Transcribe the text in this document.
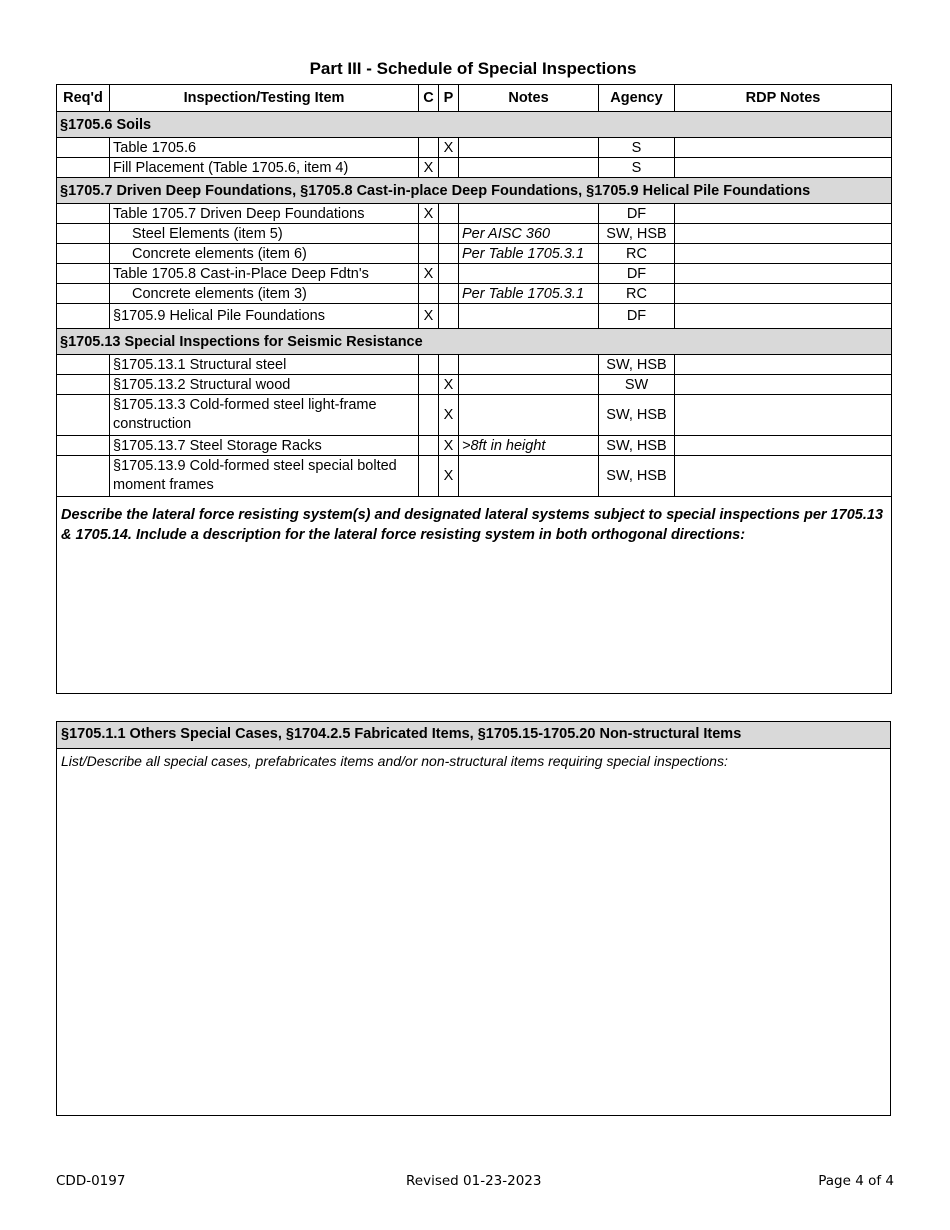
Part III - Schedule of Special Inspections
Req'd	Inspection/Testing Item	C	P	Notes	Agency	RDP Notes
§1705.6 Soils						
	Table 1705.6		X		S	
	Fill Placement (Table 1705.6, item 4)	X			S	
§1705.7 Driven Deep Foundations, §1705.8 Cast-in-place Deep Foundations, §1705.9 Helical Pile Foundations						
	Table 1705.7 Driven Deep Foundations	X			DF	
	Steel Elements (item 5)			Per AISC 360	SW, HSB	
	Concrete elements (item 6)			Per Table 1705.3.1	RC	
	Table 1705.8 Cast-in-Place Deep Fdtn's	X			DF	
	Concrete elements (item 3)			Per Table 1705.3.1	RC	
	§1705.9 Helical Pile Foundations	X			DF	
§1705.13 Special Inspections for Seismic Resistance						
	§1705.13.1 Structural steel				SW, HSB	
	§1705.13.2 Structural wood		X		SW	
	§1705.13.3 Cold-formed steel light-frame construction		X		SW, HSB	
	§1705.13.7 Steel Storage Racks		X	>8ft in height	SW, HSB	
	§1705.13.9 Cold-formed steel special bolted moment frames		X		SW, HSB	
Describe the lateral force resisting system(s) and designated lateral systems subject to special inspections per 1705.13 & 1705.14. Include a description for the lateral force resisting system in both orthogonal directions:						
§1705.1.1 Others Special Cases, §1704.2.5 Fabricated Items, §1705.15-1705.20 Non-structural Items
List/Describe all special cases, prefabricates items and/or non-structural items requiring special inspections:
CDD-0197	Revised 01-23-2023	Page 4 of 4
